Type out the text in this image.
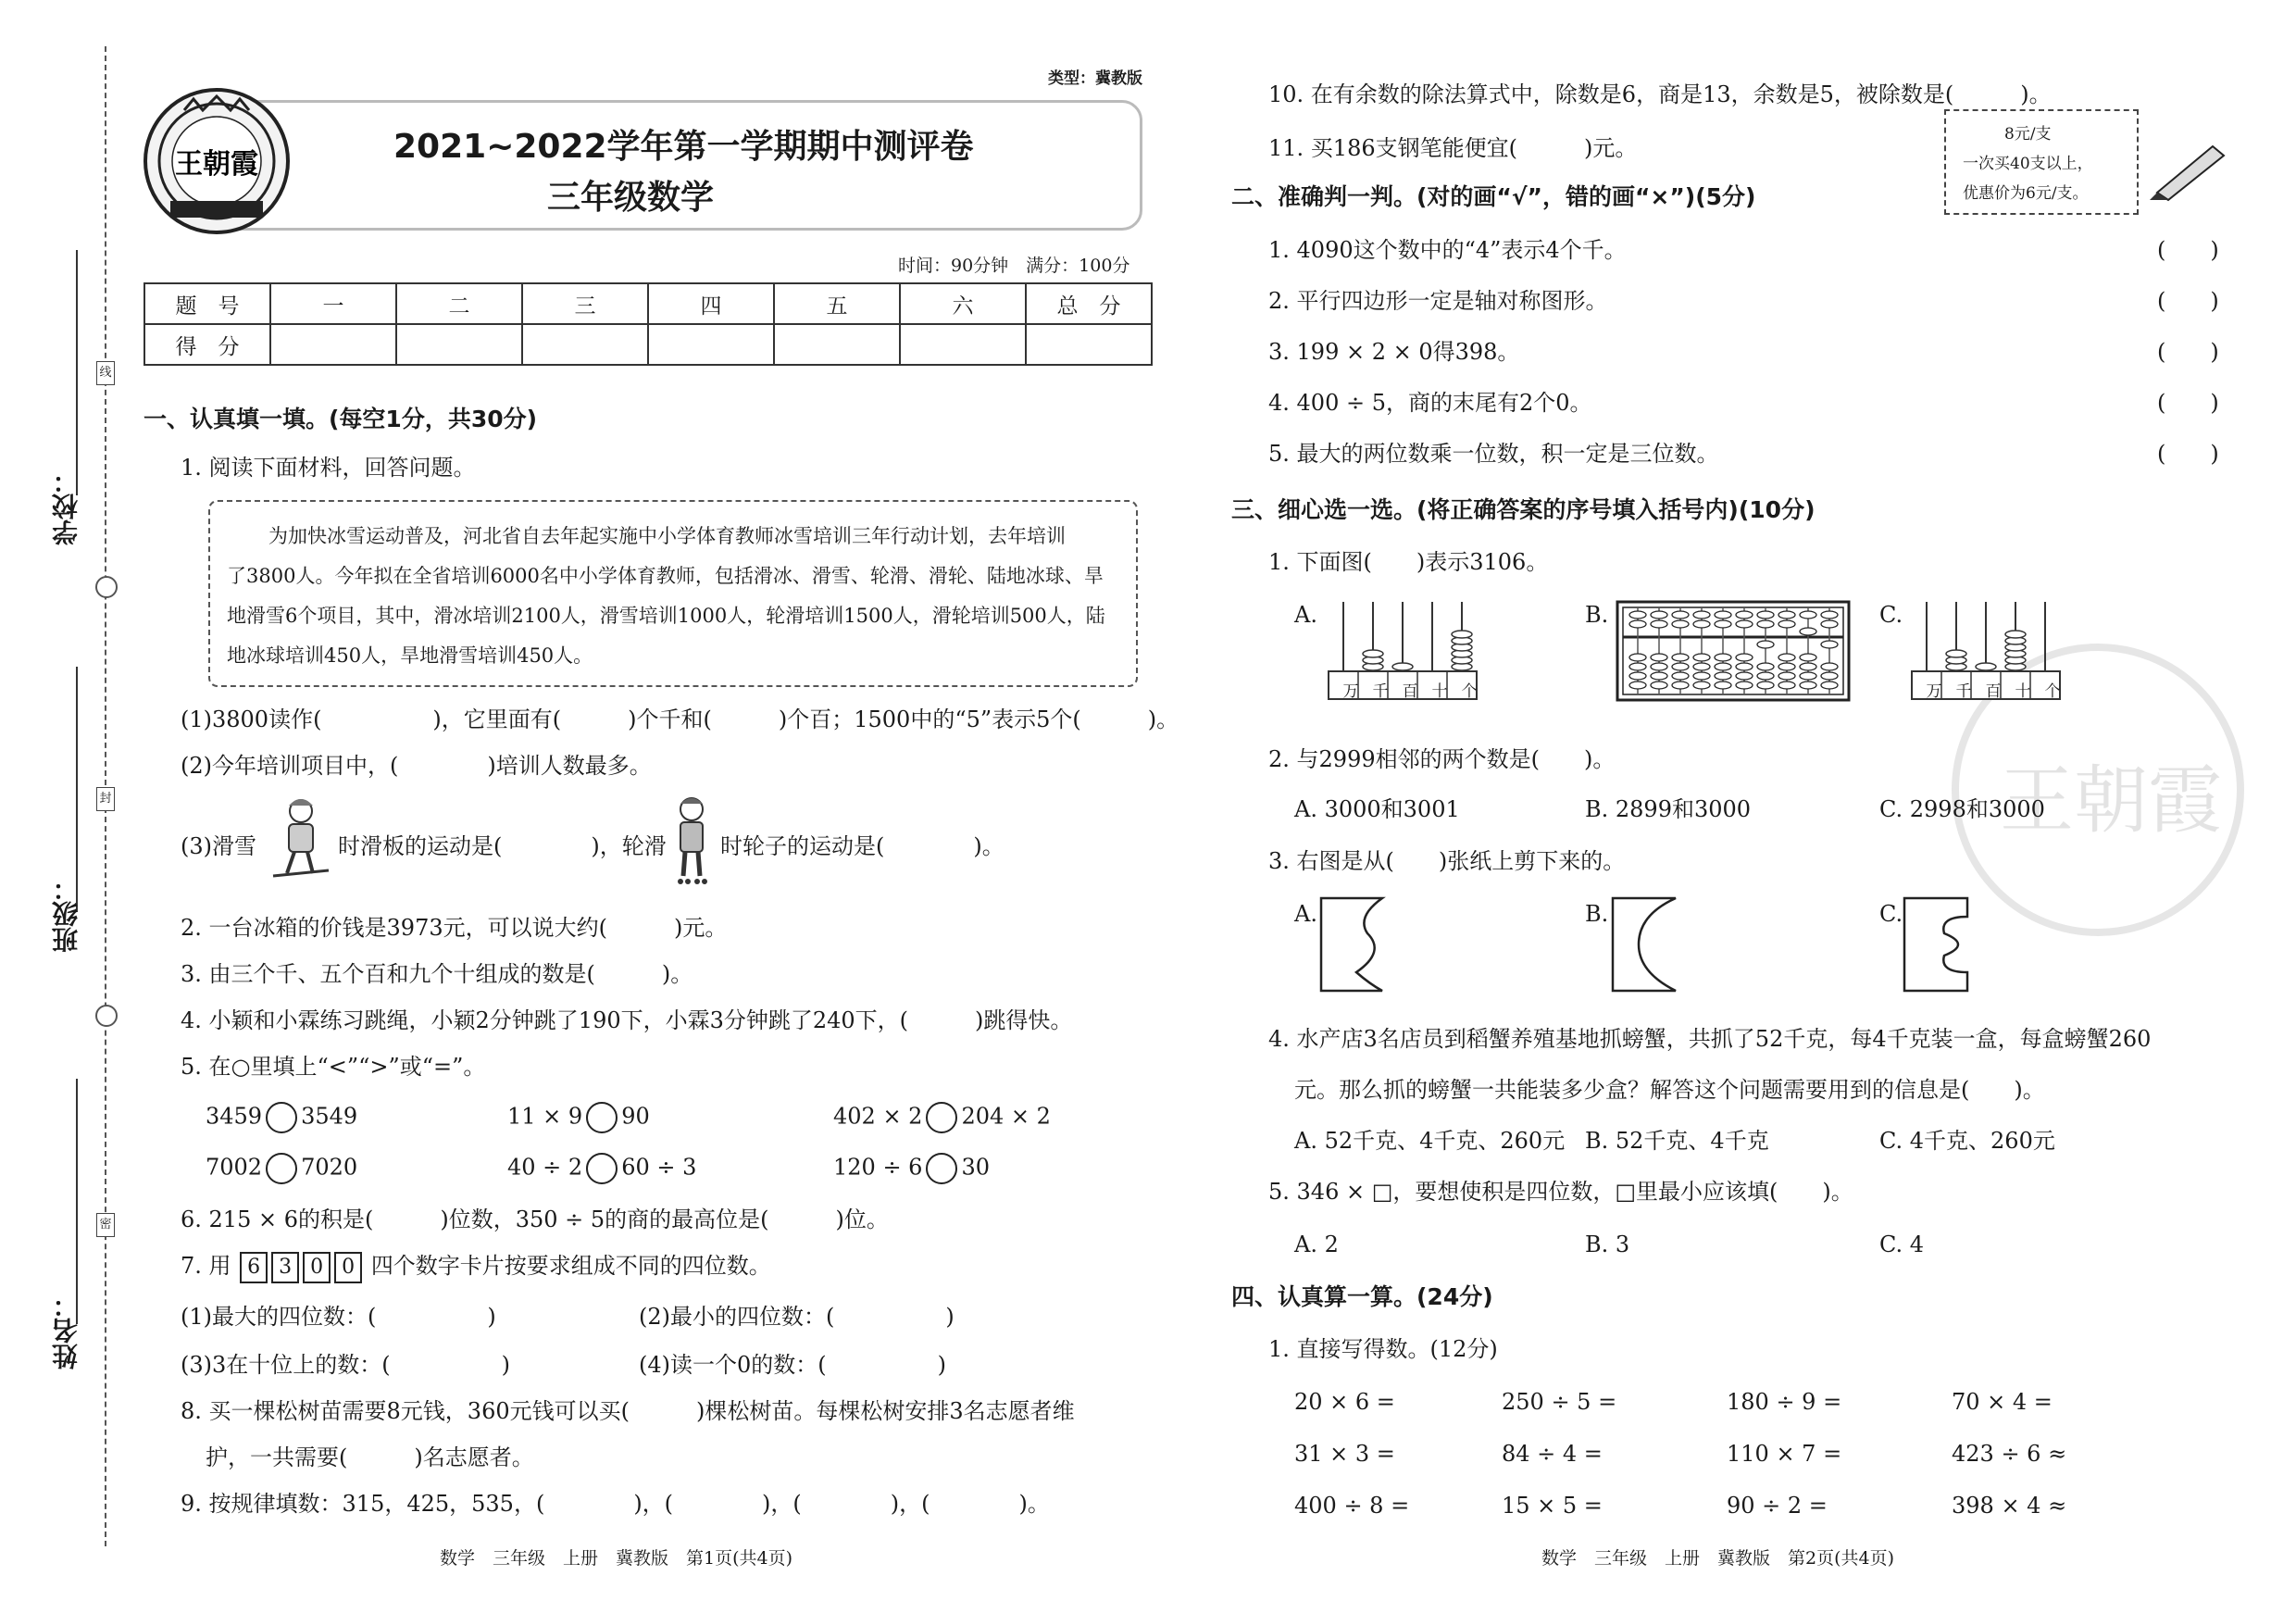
线
封
密
学校：
班级：
姓名：
类型：冀教版
王朝霞	2021~2022学年第一学期期中测评卷
三年级数学
时间：90分钟　满分：100分
题　号	一	二	三	四	五	六	总　分
得　分							
一、认真填一填。(每空1分，共30分)
1. 阅读下面材料，回答问题。
为加快冰雪运动普及，河北省自去年起实施中小学体育教师冰雪培训三年行动计划，去年培训
了3800人。今年拟在全省培训6000名中小学体育教师，包括滑冰、滑雪、轮滑、滑轮、陆地冰球、旱
地滑雪6个项目，其中，滑冰培训2100人，滑雪培训1000人，轮滑培训1500人，滑轮培训500人，陆
地冰球培训450人，旱地滑雪培训450人。
(1)3800读作(　　　　　)，它里面有(　　　)个千和(　　　)个百；1500中的“5”表示5个(　　　)。
(2)今年培训项目中，(　　　　)培训人数最多。
(3)滑雪	时滑板的运动是(　　　　)，轮滑 时轮子的运动是(　　　　)。
2. 一台冰箱的价钱是3973元，可以说大约(　　　)元。
3. 由三个千、五个百和九个十组成的数是(　　　)。
4. 小颖和小霖练习跳绳，小颖2分钟跳了190下，小霖3分钟跳了240下，(　　　)跳得快。
5. 在○里填上“<”“>”或“=”。
3459 3549	11 × 9 90	402 × 2 204 × 2
7002 7020	40 ÷ 2 60 ÷ 3	120 ÷ 6 30
6. 215 × 6的积是(　　　)位数，350 ÷ 5的商的最高位是(　　　)位。
7. 用 6 3 0 0 四个数字卡片按要求组成不同的四位数。
(1)最大的四位数：(　　　　　)	(2)最小的四位数：(　　　　　)
(3)3在十位上的数：(　　　　　)	(4)读一个0的数：(　　　　　)
8. 买一棵松树苗需要8元钱，360元钱可以买(　　　)棵松树苗。每棵松树安排3名志愿者维
护，一共需要(　　　)名志愿者。
9. 按规律填数：315，425，535，(　　　　)，(　　　　)，(　　　　)，(　　　　)。
数学　三年级　上册　冀教版　第1页(共4页)
王朝霞
10. 在有余数的除法算式中，除数是6，商是13，余数是5，被除数是(　　　)。
11. 买186支钢笔能便宜(　　　)元。
8元/支
一次买40支以上，
优惠价为6元/支。
二、准确判一判。(对的画“√”，错的画“×”)(5分)
1. 4090这个数中的“4”表示4个千。
2. 平行四边形一定是轴对称图形。
3. 199 × 2 × 0得398。
4. 400 ÷ 5，商的末尾有2个0。
5. 最大的两位数乘一位数，积一定是三位数。
(　　)
(　　)
(　　)
(　　)
(　　)
三、细心选一选。(将正确答案的序号填入括号内)(10分)
1. 下面图(　　)表示3106。
A.
万 千 百 十 个
B.	C.
万 千 百 十 个
2. 与2999相邻的两个数是(　　)。
A. 3000和3001	B. 2899和3000	C. 2998和3000
3. 右图是从(　　)张纸上剪下来的。
A.	B.	C.
4. 水产店3名店员到稻蟹养殖基地抓螃蟹，共抓了52千克，每4千克装一盒，每盒螃蟹260
元。那么抓的螃蟹一共能装多少盒？解答这个问题需要用到的信息是(　　)。
A. 52千克、4千克、260元 B. 52千克、4千克	C. 4千克、260元
5. 346 × □，要想使积是四位数，□里最小应该填(　　)。
A. 2	B. 3	C. 4
四、认真算一算。(24分)
1. 直接写得数。(12分)
20 × 6 =	250 ÷ 5 =	180 ÷ 9 =	70 × 4 =
31 × 3 =	84 ÷ 4 =	110 × 7 =	423 ÷ 6 ≈
400 ÷ 8 =	15 × 5 =	90 ÷ 2 =	398 × 4 ≈
数学　三年级　上册　冀教版　第2页(共4页)
